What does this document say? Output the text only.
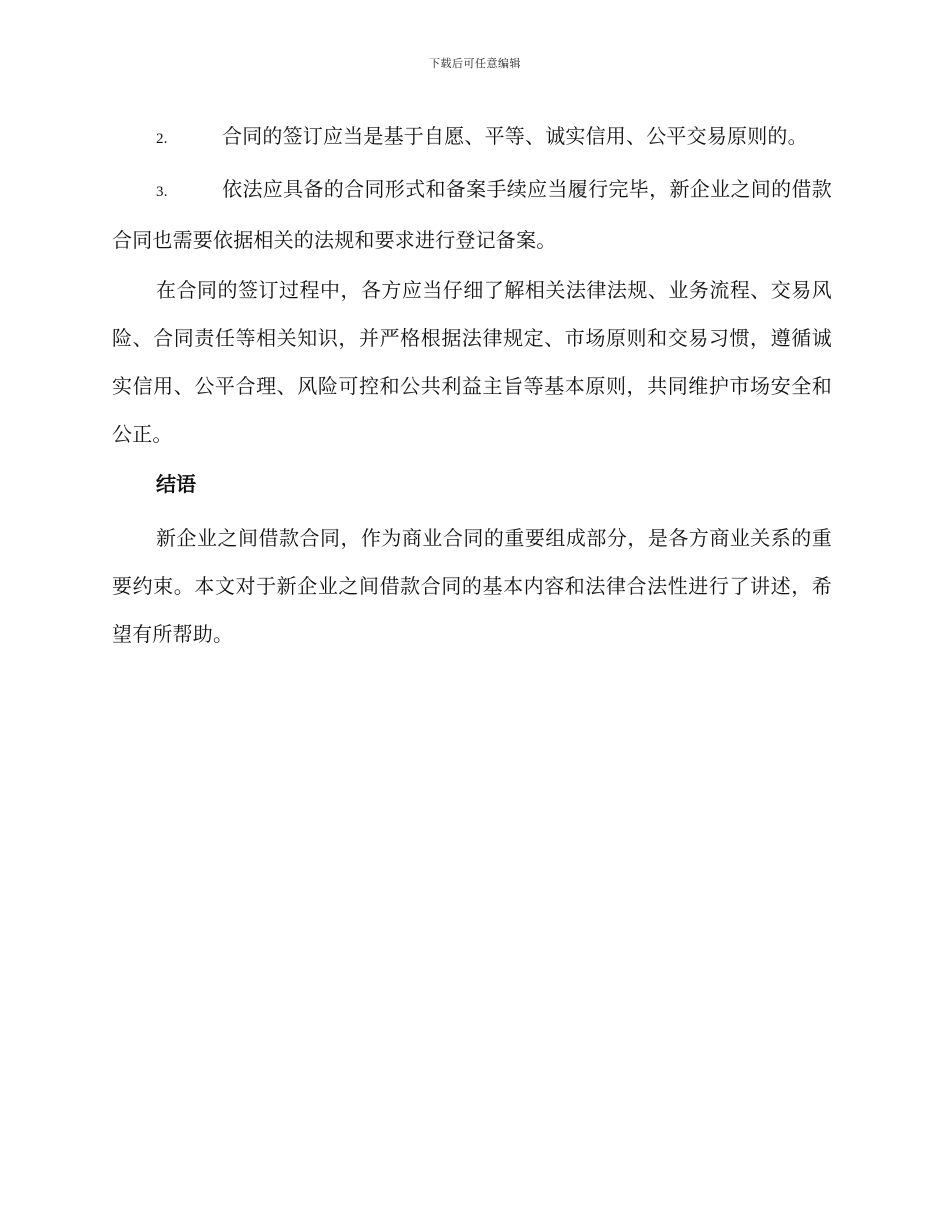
下载后可任意编辑

2.	合同的签订应当是基于自愿、平等、诚实信用、公平交易原则的。

3.	依法应具备的合同形式和备案手续应当履行完毕，新企业之间的借款合同也需要依据相关的法规和要求进行登记备案。

在合同的签订过程中，各方应当仔细了解相关法律法规、业务流程、交易风险、合同责任等相关知识，并严格根据法律规定、市场原则和交易习惯，遵循诚实信用、公平合理、风险可控和公共利益主旨等基本原则，共同维护市场安全和公正。

结语

新企业之间借款合同，作为商业合同的重要组成部分，是各方商业关系的重要约束。本文对于新企业之间借款合同的基本内容和法律合法性进行了讲述，希望有所帮助。
